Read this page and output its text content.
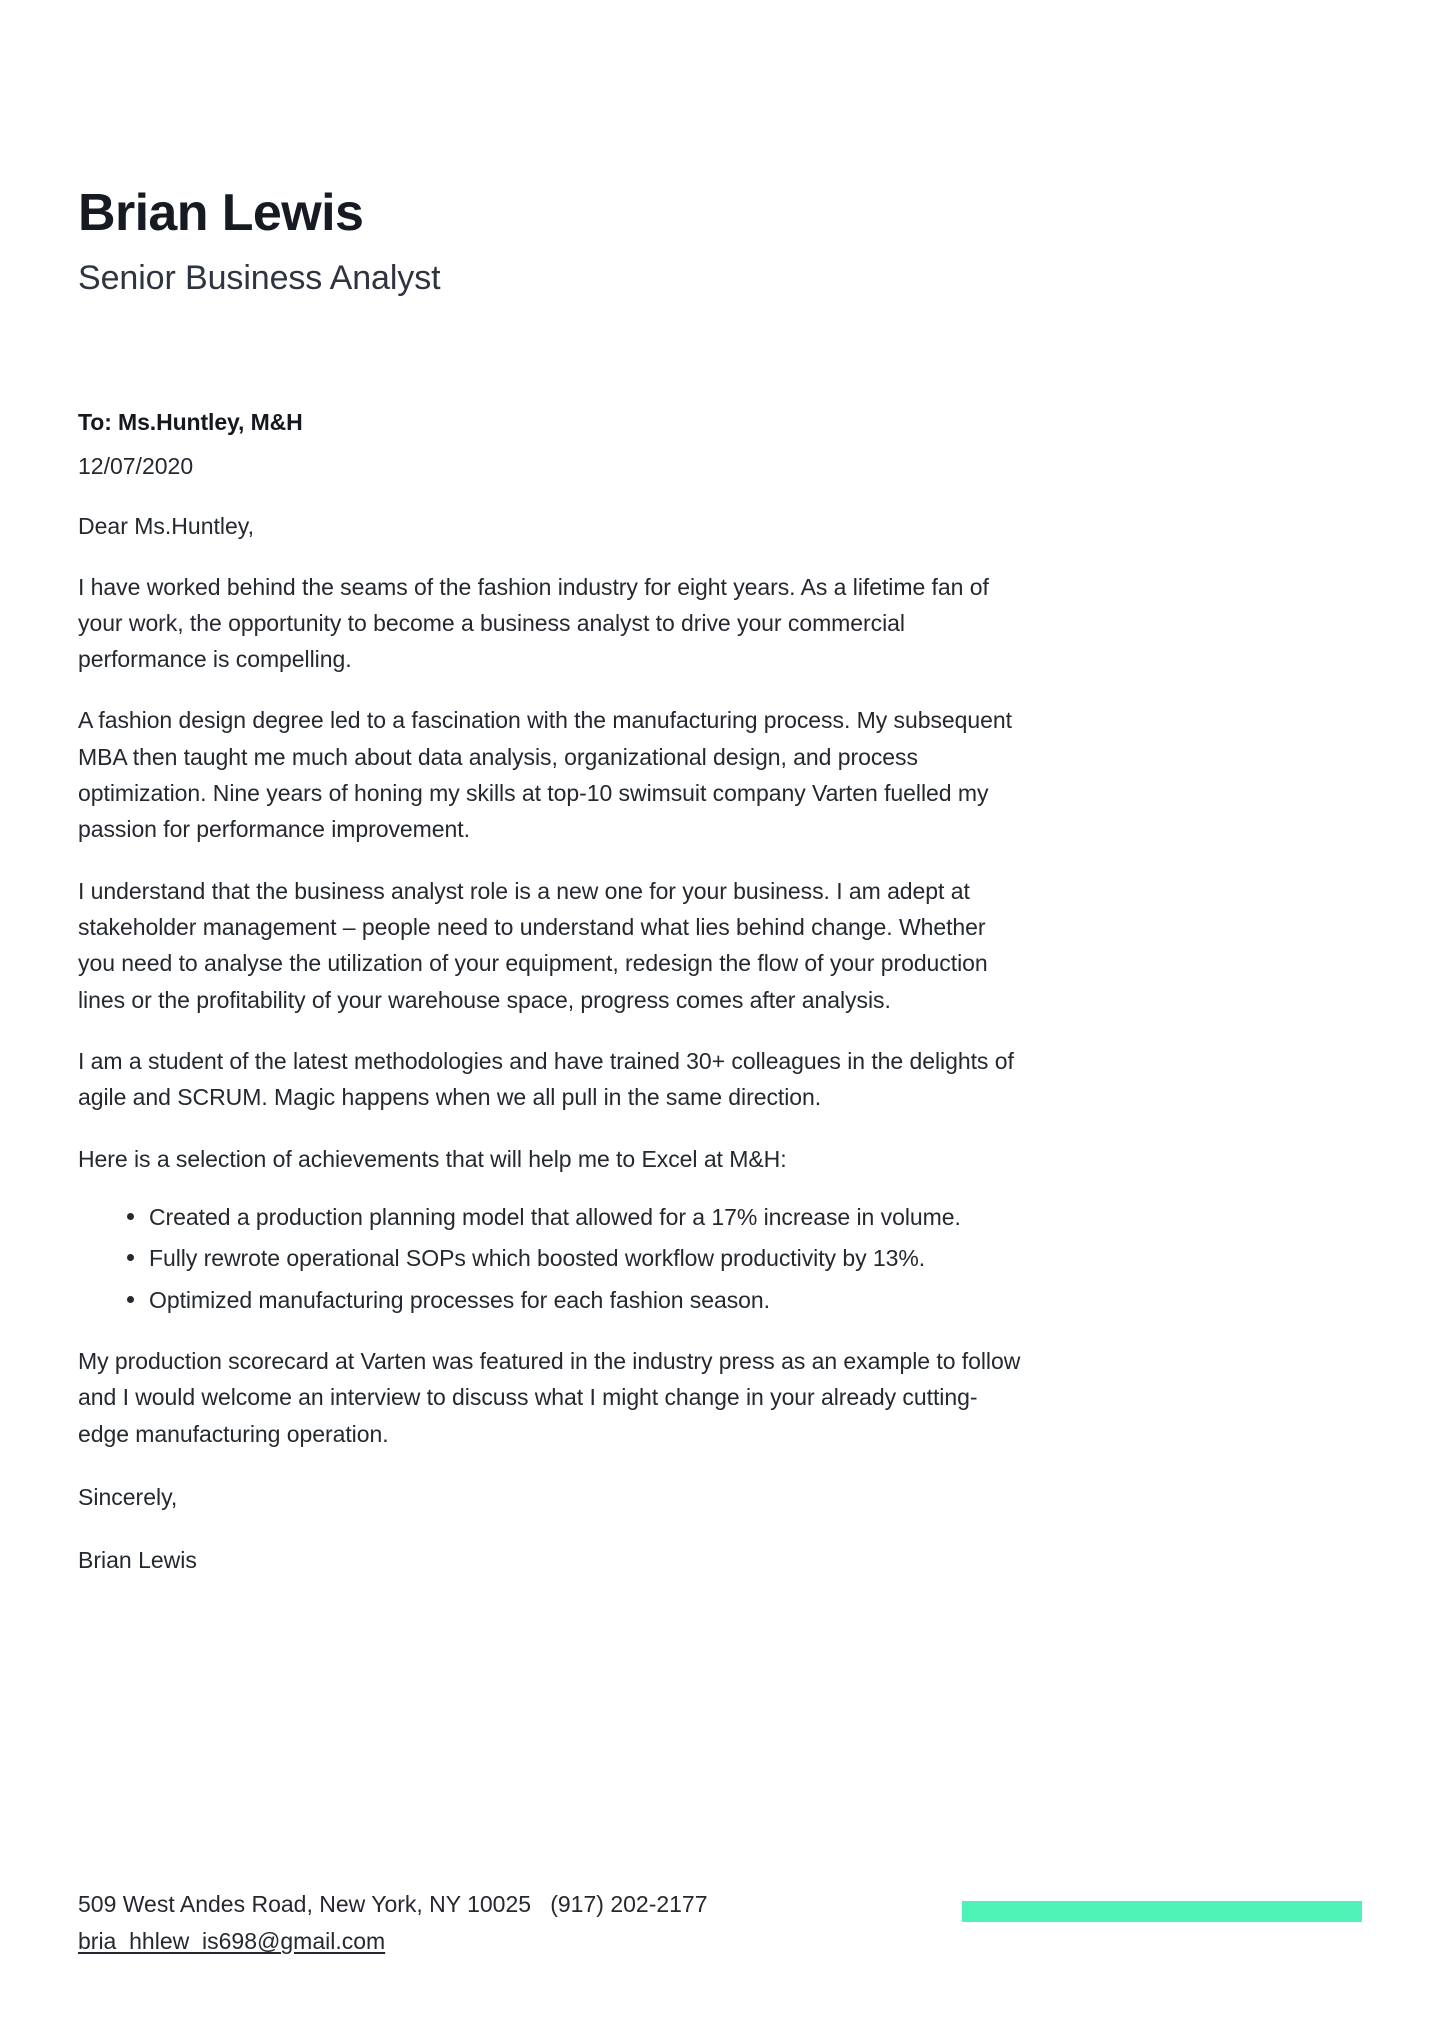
Brian Lewis
Senior Business Analyst
To: Ms.Huntley, M&H
12/07/2020
Dear Ms.Huntley,

I have worked behind the seams of the fashion industry for eight years. As a lifetime fan of your work, the opportunity to become a business analyst to drive your commercial performance is compelling.

A fashion design degree led to a fascination with the manufacturing process. My subsequent MBA then taught me much about data analysis, organizational design, and process optimization. Nine years of honing my skills at top-10 swimsuit company Varten fuelled my passion for performance improvement.

I understand that the business analyst role is a new one for your business. I am adept at stakeholder management – people need to understand what lies behind change. Whether you need to analyse the utilization of your equipment, redesign the flow of your production lines or the profitability of your warehouse space, progress comes after analysis.

I am a student of the latest methodologies and have trained 30+ colleagues in the delights of agile and SCRUM. Magic happens when we all pull in the same direction.

Here is a selection of achievements that will help me to Excel at M&H:

Created a production planning model that allowed for a 17% increase in volume.
Fully rewrote operational SOPs which boosted workflow productivity by 13%.
Optimized manufacturing processes for each fashion season.

My production scorecard at Varten was featured in the industry press as an example to follow and I would welcome an interview to discuss what I might change in your already cutting-edge manufacturing operation.

Sincerely,
Brian Lewis
509 West Andes Road, New York, NY 10025   (917) 202-2177
bria_hhlew_is698@gmail.com
